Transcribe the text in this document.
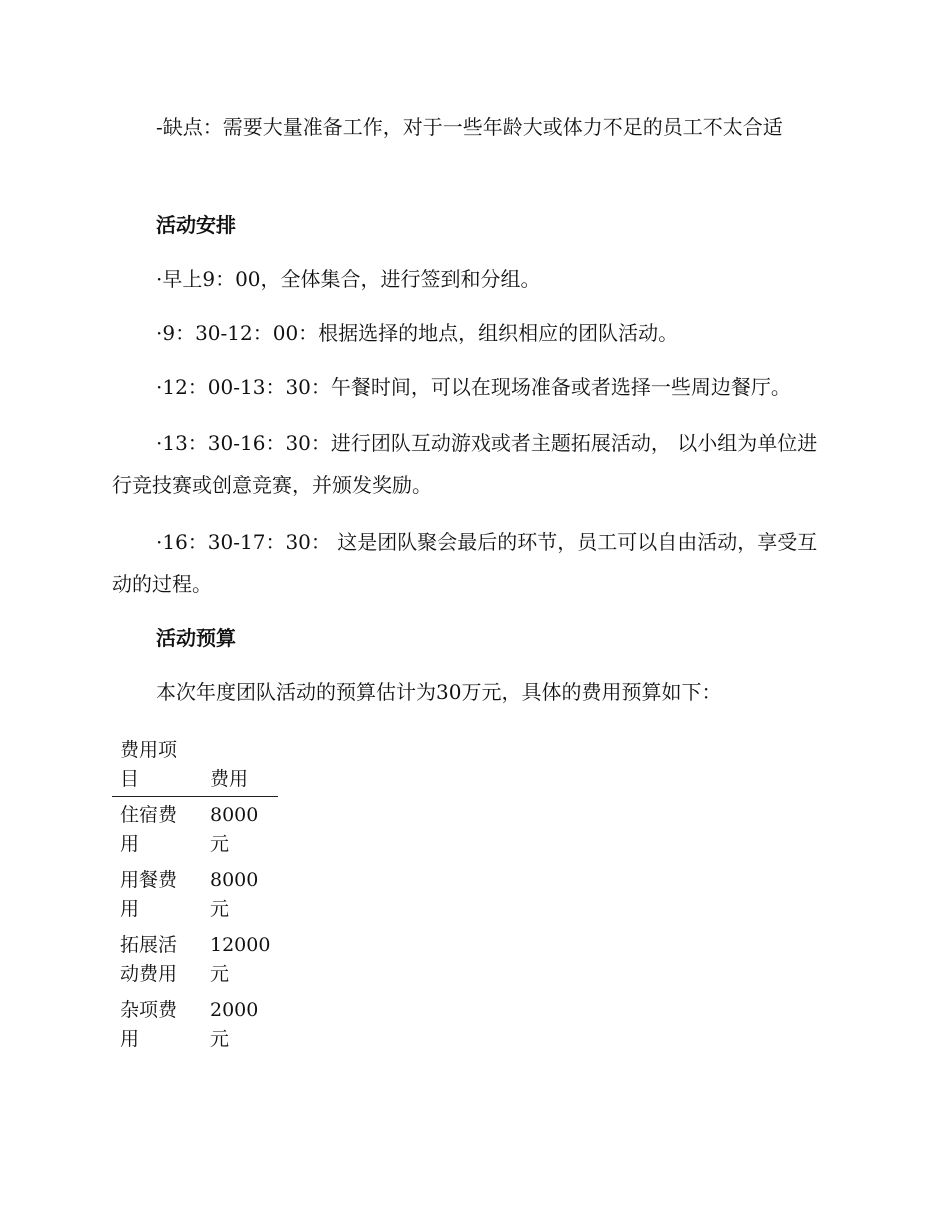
-缺点：需要大量准备工作，对于一些年龄大或体力不足的员工不太合适

活动安排

·早上9：00，全体集合，进行签到和分组。

·9：30-12：00：根据选择的地点，组织相应的团队活动。

·12：00-13：30：午餐时间，可以在现场准备或者选择一些周边餐厅。

·13：30-16：30：进行团队互动游戏或者主题拓展活动， 以小组为单位进行竞技赛或创意竞赛，并颁发奖励。

·16：30-17：30： 这是团队聚会最后的环节，员工可以自由活动，享受互动的过程。

活动预算

本次年度团队活动的预算估计为30万元，具体的费用预算如下：

费用项目	费用
住宿费用	8000元
用餐费用	8000元
拓展活动费用	12000元
杂项费用	2000元
